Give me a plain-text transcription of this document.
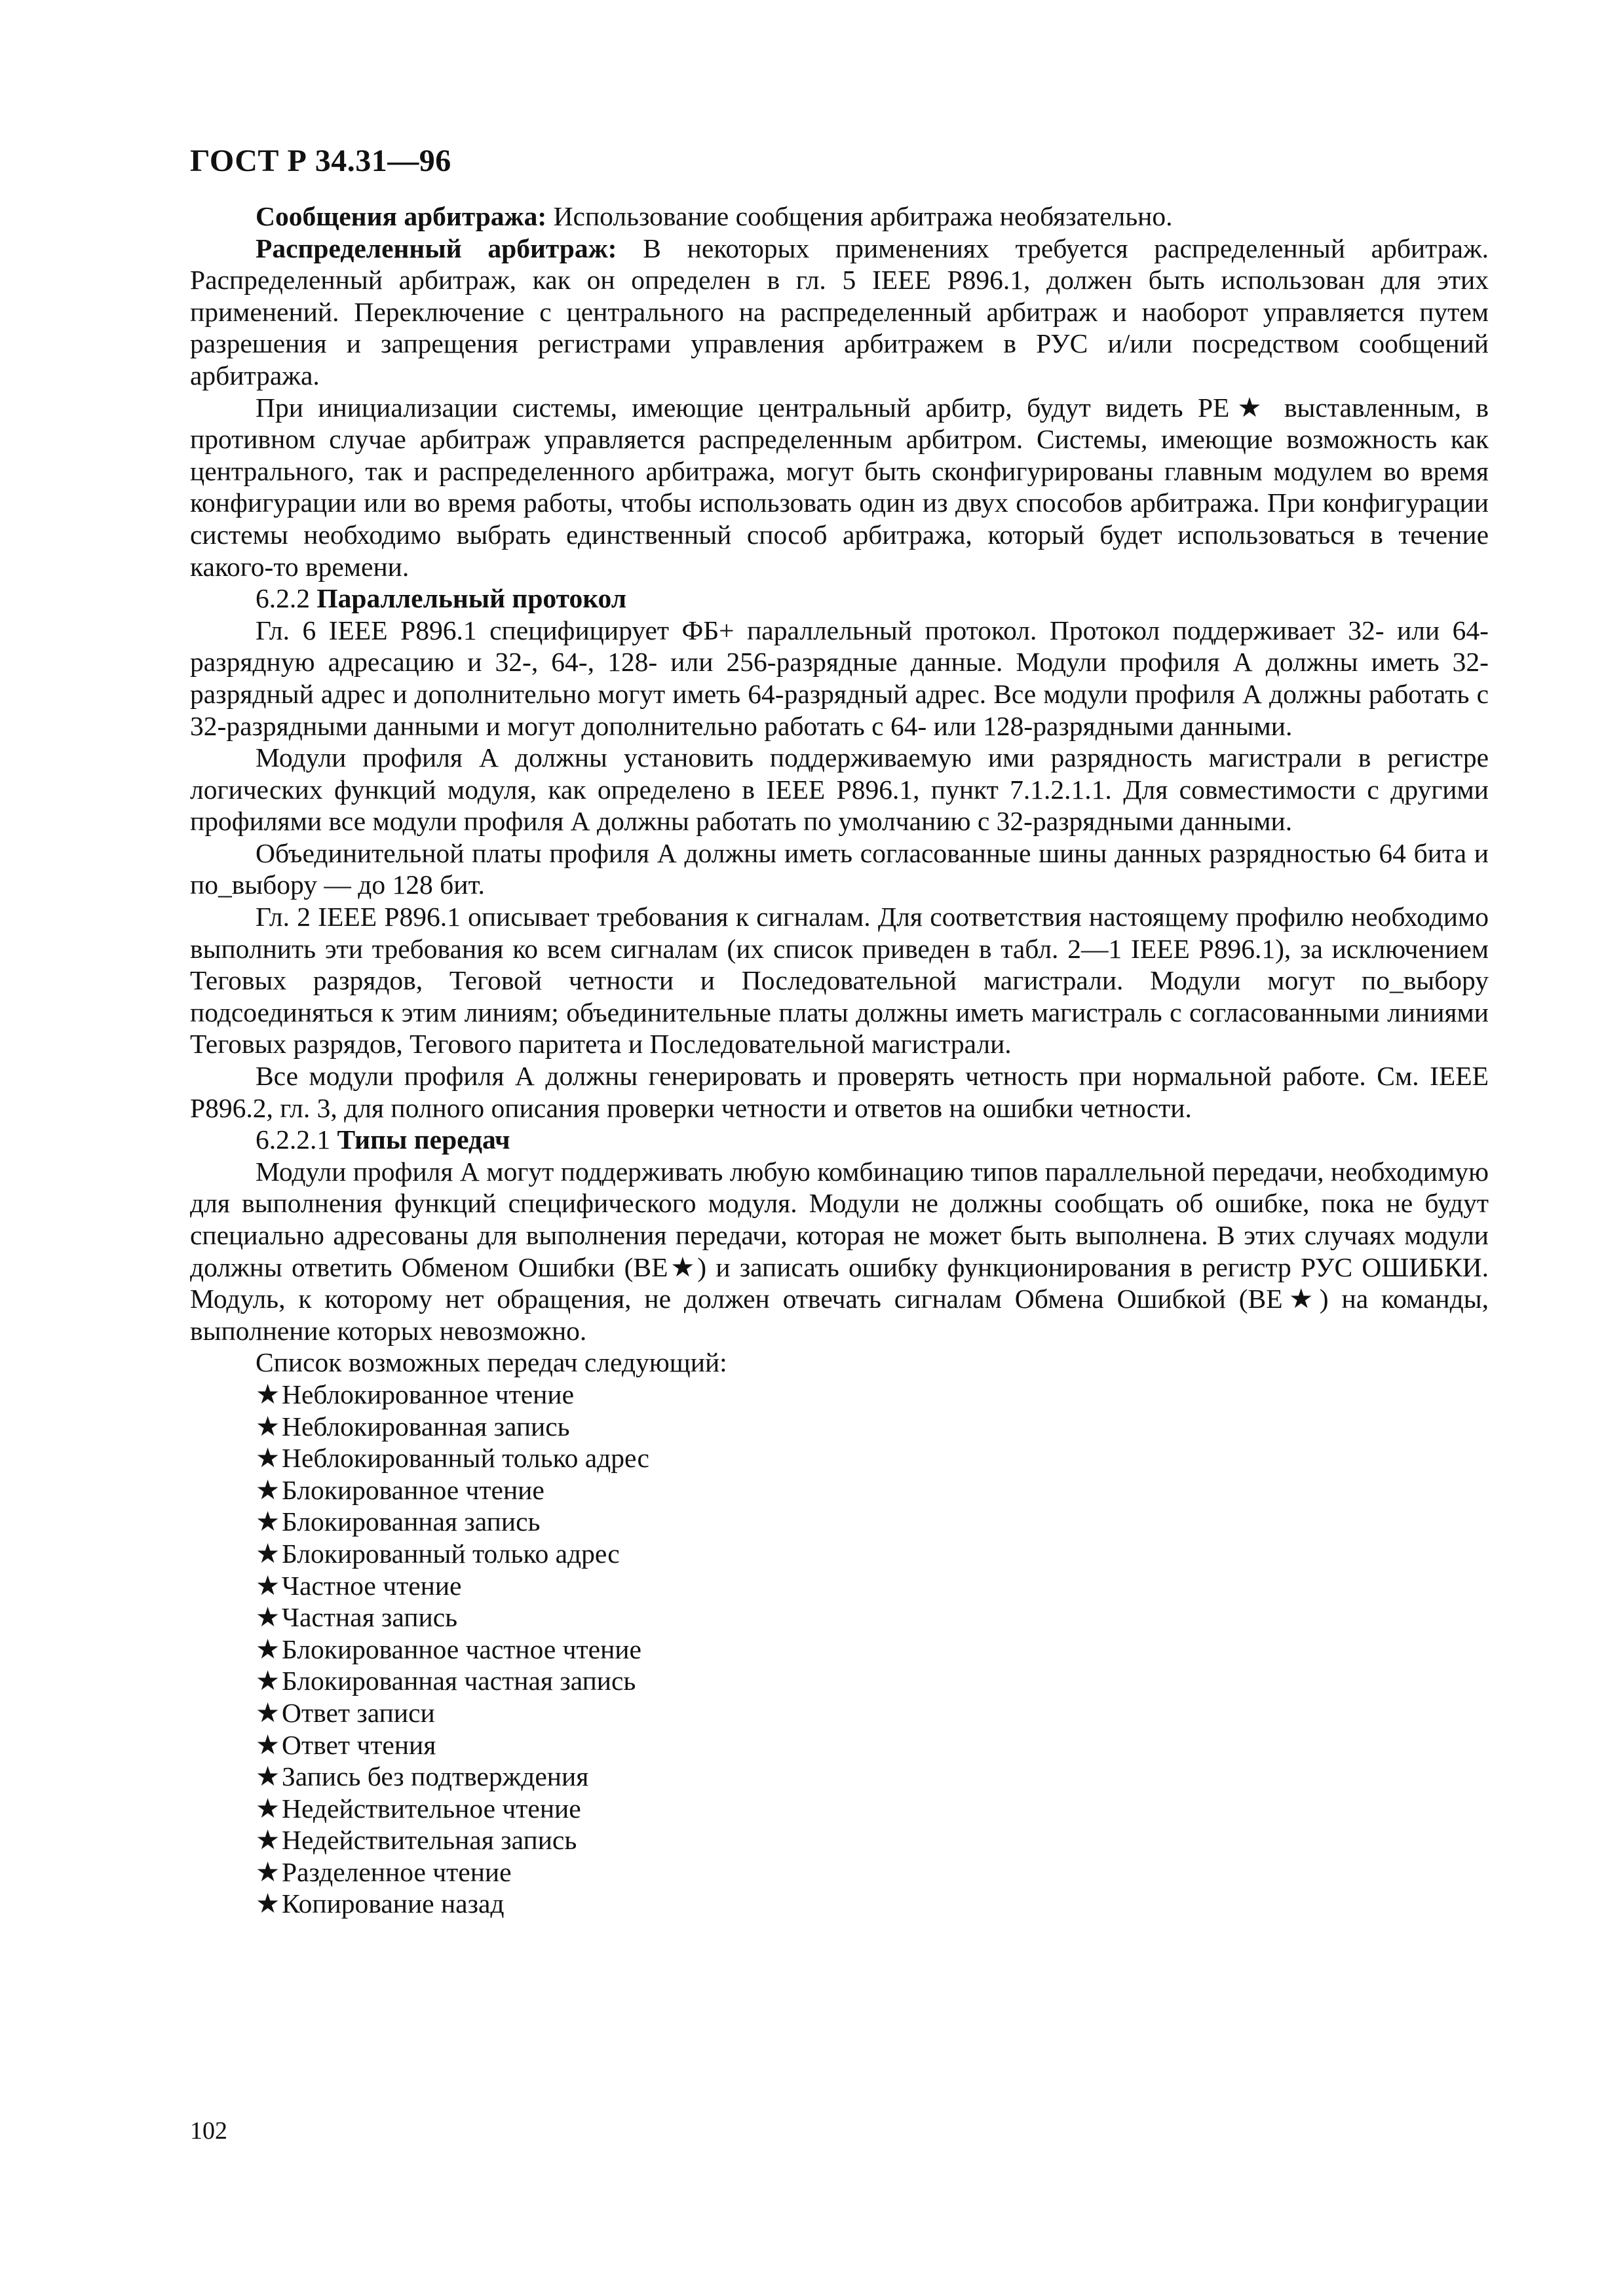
ГОСТ Р 34.31—96

Сообщения арбитража: Использование сообщения арбитража необязательно.

Распределенный арбитраж: В некоторых применениях требуется распределенный арбитраж. Распределенный арбитраж, как он определен в гл. 5 IEEE P896.1, должен быть использован для этих применений. Переключение с центрального на распределенный арбитраж и наоборот управляется путем разрешения и запрещения регистрами управления арбитражем в РУС и/или посредством сообщений арбитража.

При инициализации системы, имеющие центральный арбитр, будут видеть PE★ выставленным, в противном случае арбитраж управляется распределенным арбитром. Системы, имеющие возможность как центрального, так и распределенного арбитража, могут быть сконфигурированы главным модулем во время конфигурации или во время работы, чтобы использовать один из двух способов арбитража. При конфигурации системы необходимо выбрать единственный способ арбитража, который будет использоваться в течение какого-то времени.

6.2.2 Параллельный протокол

Гл. 6 IEEE P896.1 специфицирует ФБ+ параллельный протокол. Протокол поддерживает 32- или 64-разрядную адресацию и 32-, 64-, 128- или 256-разрядные данные. Модули профиля А должны иметь 32-разрядный адрес и дополнительно могут иметь 64-разрядный адрес. Все модули профиля А должны работать с 32-разрядными данными и могут дополнительно работать с 64- или 128-разрядными данными.

Модули профиля А должны установить поддерживаемую ими разрядность магистрали в регистре логических функций модуля, как определено в IEEE P896.1, пункт 7.1.2.1.1. Для совместимости с другими профилями все модули профиля А должны работать по умолчанию с 32-разрядными данными.

Объединительной платы профиля А должны иметь согласованные шины данных разрядностью 64 бита и по_выбору — до 128 бит.

Гл. 2 IEEE P896.1 описывает требования к сигналам. Для соответствия настоящему профилю необходимо выполнить эти требования ко всем сигналам (их список приведен в табл. 2—1 IEEE P896.1), за исключением Теговых разрядов, Теговой четности и Последовательной магистрали. Модули могут по_выбору подсоединяться к этим линиям; объединительные платы должны иметь магистраль с согласованными линиями Теговых разрядов, Тегового паритета и Последовательной магистрали.

Все модули профиля А должны генерировать и проверять четность при нормальной работе. См. IEEE P896.2, гл. 3, для полного описания проверки четности и ответов на ошибки четности.

6.2.2.1 Типы передач

Модули профиля А могут поддерживать любую комбинацию типов параллельной передачи, необходимую для выполнения функций специфического модуля. Модули не должны сообщать об ошибке, пока не будут специально адресованы для выполнения передачи, которая не может быть выполнена. В этих случаях модули должны ответить Обменом Ошибки (BE★) и записать ошибку функционирования в регистр РУС ОШИБКИ. Модуль, к которому нет обращения, не должен отвечать сигналам Обмена Ошибкой (BE★) на команды, выполнение которых невозможно.

Список возможных передач следующий:

★Неблокированное чтение
★Неблокированная запись
★Неблокированный только адрес
★Блокированное чтение
★Блокированная запись
★Блокированный только адрес
★Частное чтение
★Частная запись
★Блокированное частное чтение
★Блокированная частная запись
★Ответ записи
★Ответ чтения
★Запись без подтверждения
★Недействительное чтение
★Недействительная запись
★Разделенное чтение
★Копирование назад
102
